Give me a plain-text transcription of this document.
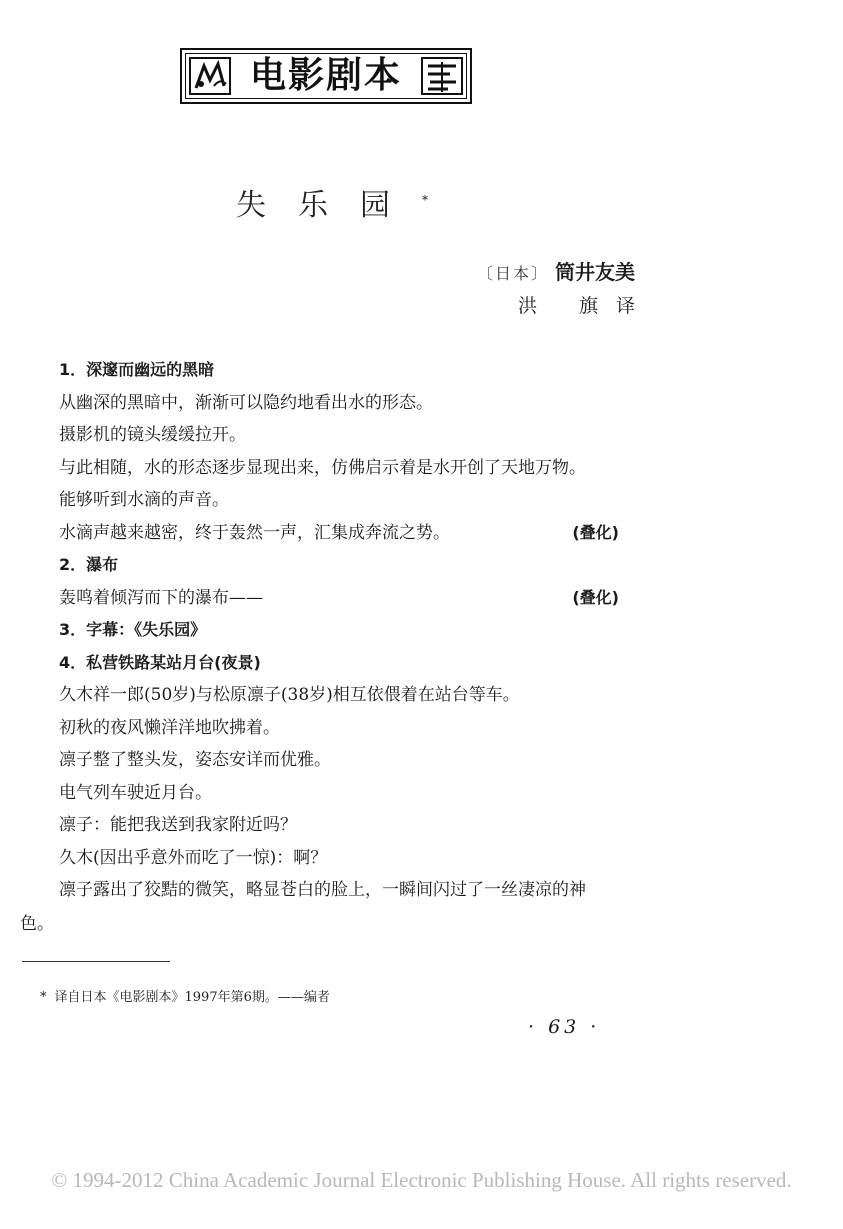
电影剧本
失乐园*
〔日本〕 筒井友美
洪 旗译
1．深邃而幽远的黑暗
从幽深的黑暗中，渐渐可以隐约地看出水的形态。
摄影机的镜头缓缓拉开。
与此相随，水的形态逐步显现出来，仿佛启示着是水开创了天地万物。
能够听到水滴的声音。
水滴声越来越密，终于轰然一声，汇集成奔流之势。	(叠化)
2．瀑布
轰鸣着倾泻而下的瀑布——	(叠化)
3．字幕：《失乐园》
4．私营铁路某站月台(夜景)
久木祥一郎(50岁)与松原凛子(38岁)相互依偎着在站台等车。
初秋的夜风懒洋洋地吹拂着。
凛子整了整头发，姿态安详而优雅。
电气列车驶近月台。
凛子：能把我送到我家附近吗？
久木(因出乎意外而吃了一惊)：啊？
凛子露出了狡黠的微笑，略显苍白的脸上，一瞬间闪过了一丝凄凉的神
色。
* 译自日本《电影剧本》1997年第6期。——编者
· 63 ·
© 1994-2012 China Academic Journal Electronic Publishing House. All rights reserved.
